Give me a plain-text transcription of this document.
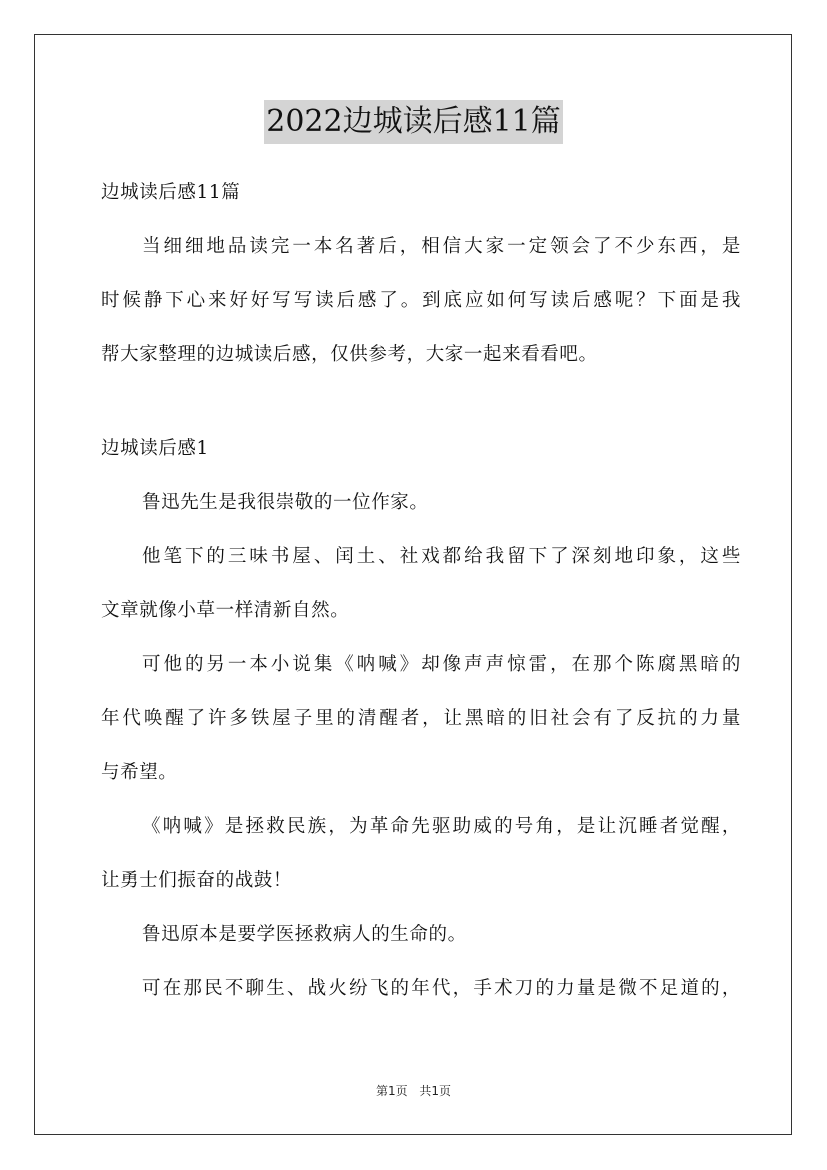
2022边城读后感11篇
边城读后感11篇
当细细地品读完一本名著后，相信大家一定领会了不少东西，是
时候静下心来好好写写读后感了。到底应如何写读后感呢？下面是我
帮大家整理的边城读后感，仅供参考，大家一起来看看吧。
边城读后感1
鲁迅先生是我很崇敬的一位作家。
他笔下的三味书屋、闰土、社戏都给我留下了深刻地印象，这些
文章就像小草一样清新自然。
可他的另一本小说集《呐喊》却像声声惊雷，在那个陈腐黑暗的
年代唤醒了许多铁屋子里的清醒者，让黑暗的旧社会有了反抗的力量
与希望。
《呐喊》是拯救民族，为革命先驱助威的号角，是让沉睡者觉醒，
让勇士们振奋的战鼓！
鲁迅原本是要学医拯救病人的生命的。
可在那民不聊生、战火纷飞的年代，手术刀的力量是微不足道的，
第1页 共1页
